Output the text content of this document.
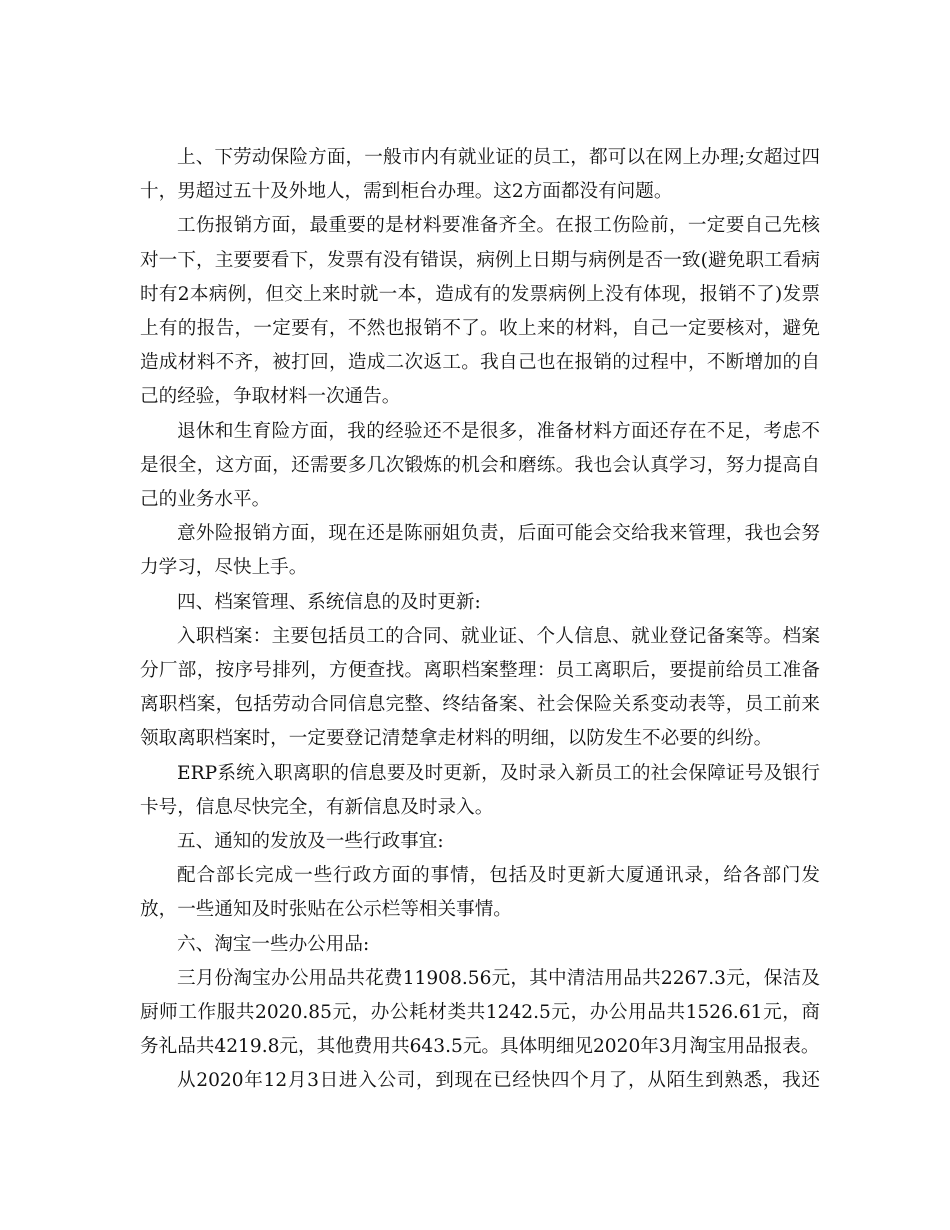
上、下劳动保险方面，一般市内有就业证的员工，都可以在网上办理;女超过四十，男超过五十及外地人，需到柜台办理。这2方面都没有问题。

工伤报销方面，最重要的是材料要准备齐全。在报工伤险前，一定要自己先核对一下，主要要看下，发票有没有错误，病例上日期与病例是否一致(避免职工看病时有2本病例，但交上来时就一本，造成有的发票病例上没有体现，报销不了)发票上有的报告，一定要有，不然也报销不了。收上来的材料，自己一定要核对，避免造成材料不齐，被打回，造成二次返工。我自己也在报销的过程中，不断增加的自己的经验，争取材料一次通告。

退休和生育险方面，我的经验还不是很多，准备材料方面还存在不足，考虑不是很全，这方面，还需要多几次锻炼的机会和磨练。我也会认真学习，努力提高自己的业务水平。

意外险报销方面，现在还是陈丽姐负责，后面可能会交给我来管理，我也会努力学习，尽快上手。

四、档案管理、系统信息的及时更新:

入职档案：主要包括员工的合同、就业证、个人信息、就业登记备案等。档案分厂部，按序号排列，方便查找。离职档案整理：员工离职后，要提前给员工准备离职档案，包括劳动合同信息完整、终结备案、社会保险关系变动表等，员工前来领取离职档案时，一定要登记清楚拿走材料的明细，以防发生不必要的纠纷。

ERP系统入职离职的信息要及时更新，及时录入新员工的社会保障证号及银行卡号，信息尽快完全，有新信息及时录入。

五、通知的发放及一些行政事宜:

配合部长完成一些行政方面的事情，包括及时更新大厦通讯录，给各部门发放，一些通知及时张贴在公示栏等相关事情。

六、淘宝一些办公用品:

三月份淘宝办公用品共花费11908.56元，其中清洁用品共2267.3元，保洁及厨师工作服共2020.85元，办公耗材类共1242.5元，办公用品共1526.61元，商务礼品共4219.8元，其他费用共643.5元。具体明细见2020年3月淘宝用品报表。

从2020年12月3日进入公司，到现在已经快四个月了，从陌生到熟悉，我还
